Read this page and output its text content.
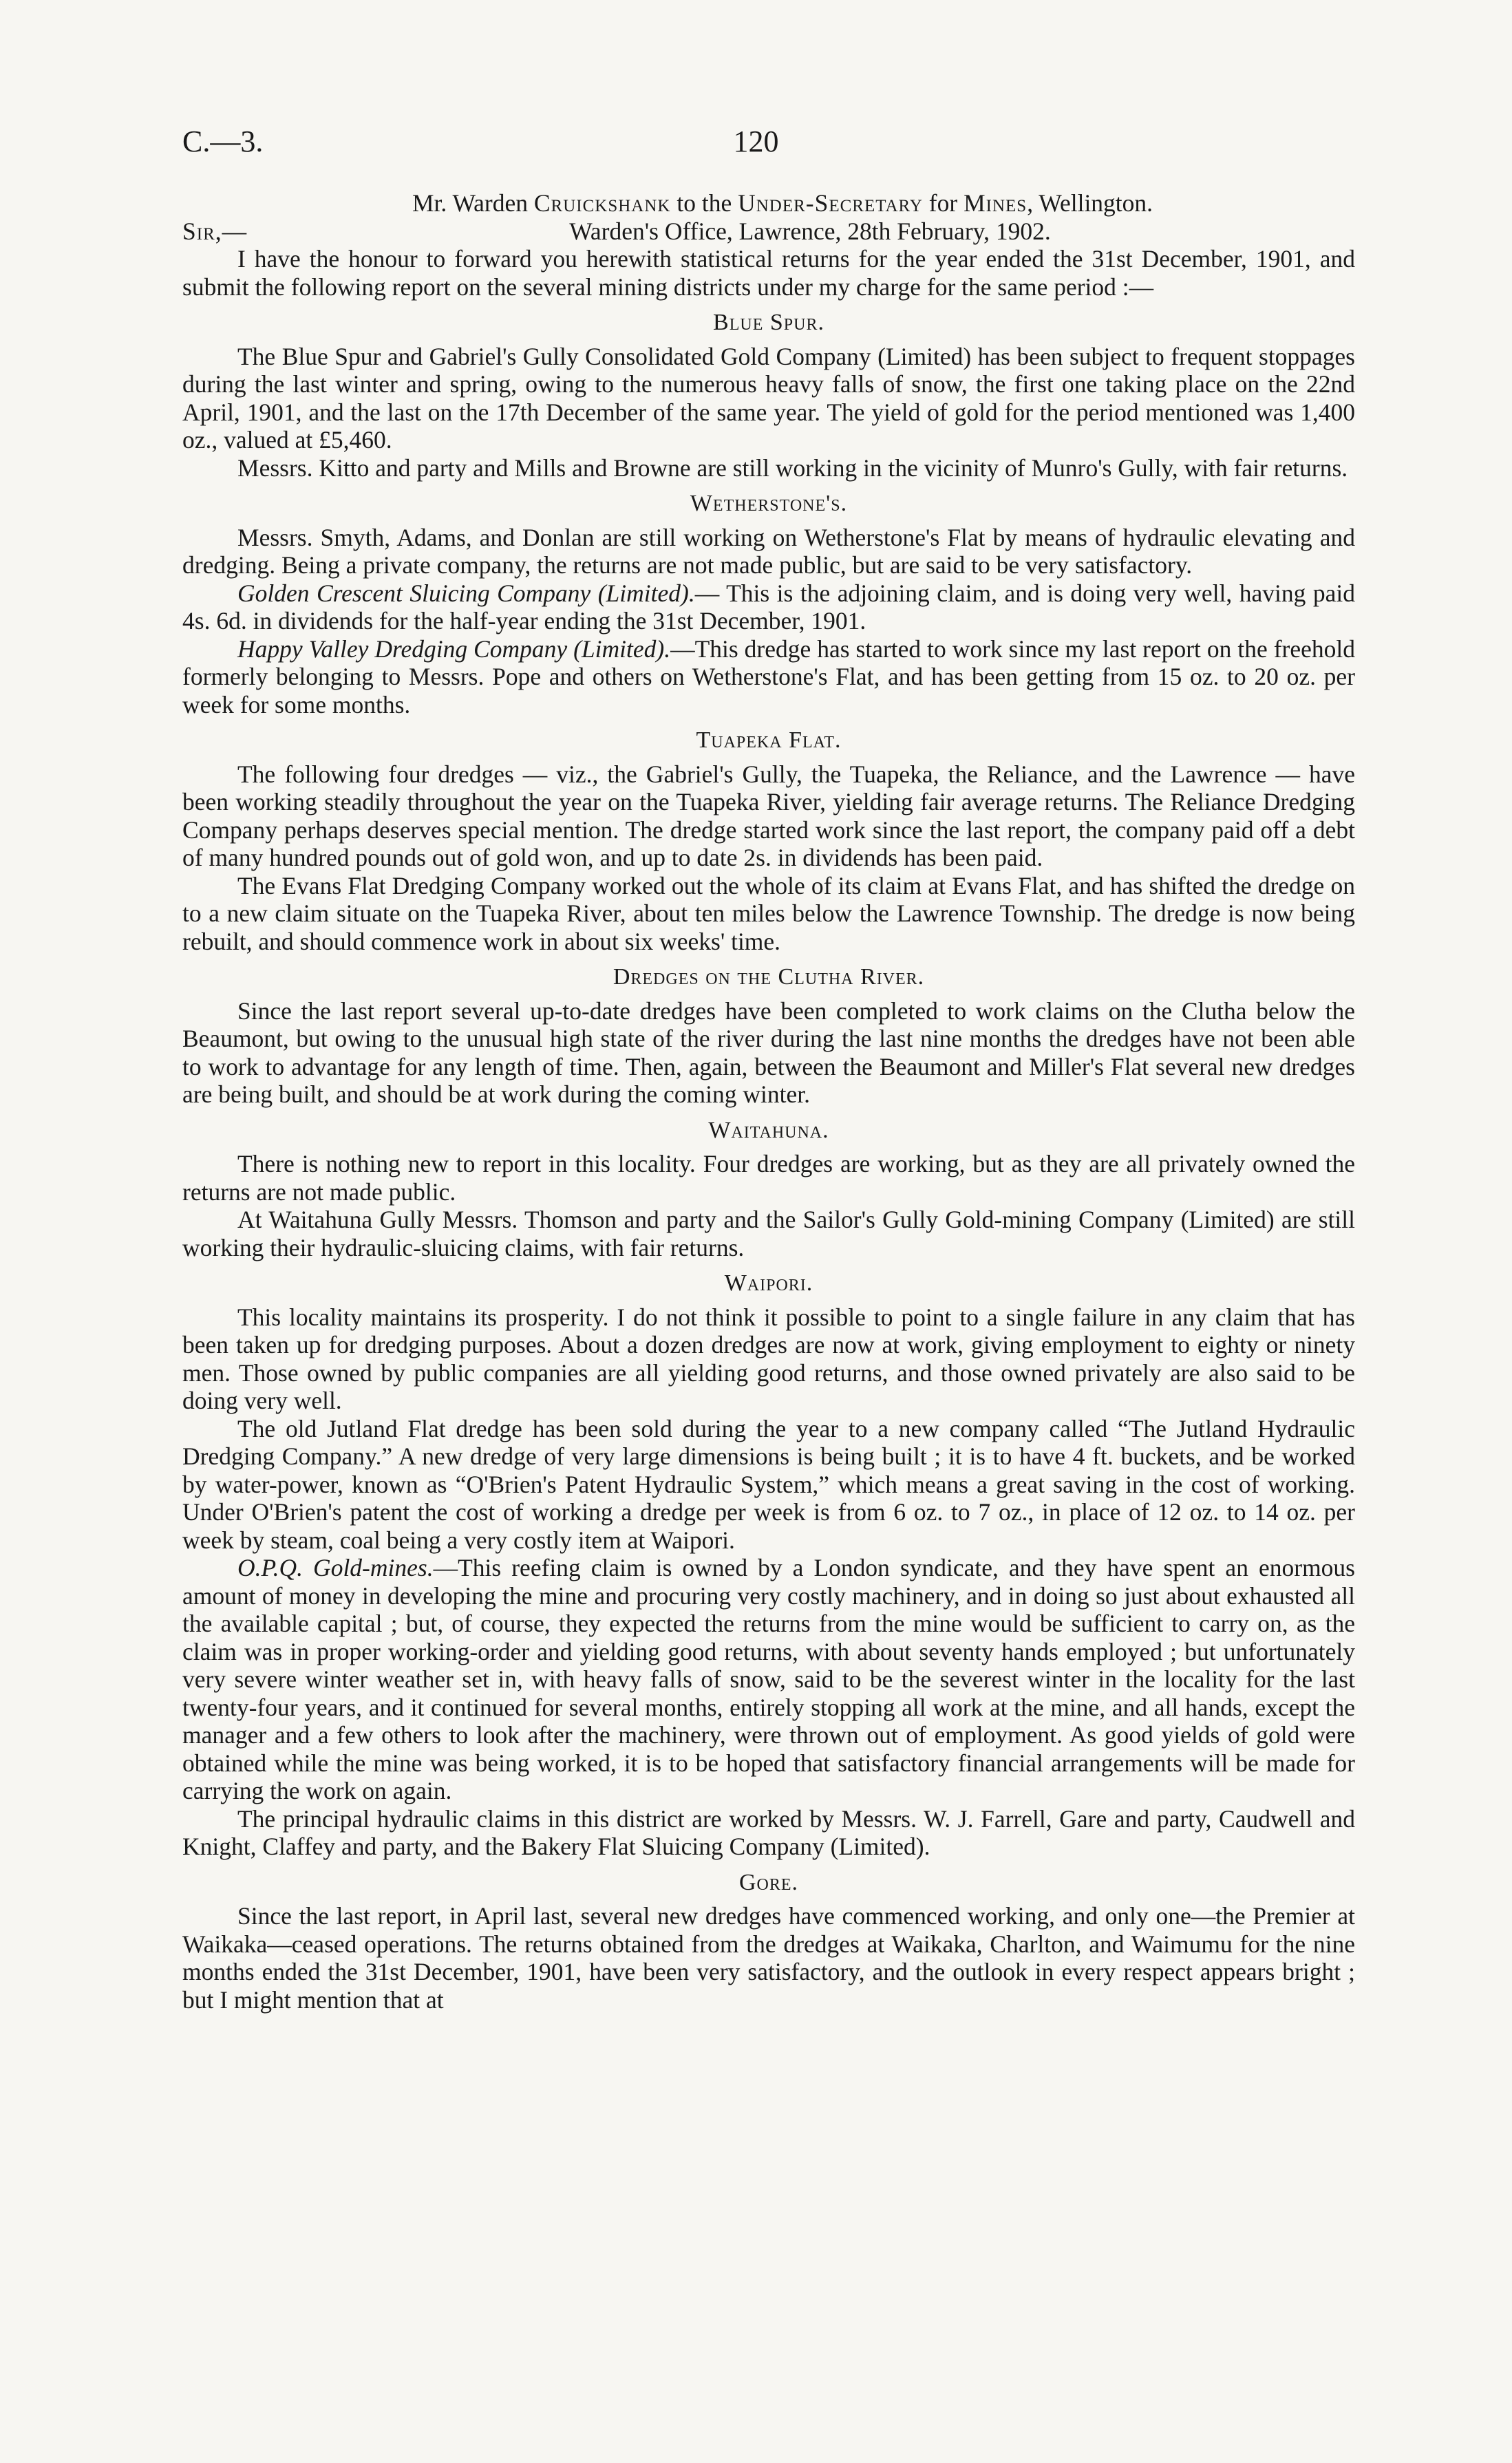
C.—3.	120

Mr. Warden Cruickshank to the Under-Secretary for Mines, Wellington.

Sir,—	Warden's Office, Lawrence, 28th February, 1902.

I have the honour to forward you herewith statistical returns for the year ended the 31st December, 1901, and submit the following report on the several mining districts under my charge for the same period :—

Blue Spur.

The Blue Spur and Gabriel's Gully Consolidated Gold Company (Limited) has been subject to frequent stoppages during the last winter and spring, owing to the numerous heavy falls of snow, the first one taking place on the 22nd April, 1901, and the last on the 17th December of the same year. The yield of gold for the period mentioned was 1,400 oz., valued at £5,460.

Messrs. Kitto and party and Mills and Browne are still working in the vicinity of Munro's Gully, with fair returns.

Wetherstone's.

Messrs. Smyth, Adams, and Donlan are still working on Wetherstone's Flat by means of hydraulic elevating and dredging. Being a private company, the returns are not made public, but are said to be very satisfactory.

Golden Crescent Sluicing Company (Limited).— This is the adjoining claim, and is doing very well, having paid 4s. 6d. in dividends for the half-year ending the 31st December, 1901.

Happy Valley Dredging Company (Limited).—This dredge has started to work since my last report on the freehold formerly belonging to Messrs. Pope and others on Wetherstone's Flat, and has been getting from 15 oz. to 20 oz. per week for some months.

Tuapeka Flat.

The following four dredges — viz., the Gabriel's Gully, the Tuapeka, the Reliance, and the Lawrence — have been working steadily throughout the year on the Tuapeka River, yielding fair average returns. The Reliance Dredging Company perhaps deserves special mention. The dredge started work since the last report, the company paid off a debt of many hundred pounds out of gold won, and up to date 2s. in dividends has been paid.

The Evans Flat Dredging Company worked out the whole of its claim at Evans Flat, and has shifted the dredge on to a new claim situate on the Tuapeka River, about ten miles below the Lawrence Township. The dredge is now being rebuilt, and should commence work in about six weeks' time.

Dredges on the Clutha River.

Since the last report several up-to-date dredges have been completed to work claims on the Clutha below the Beaumont, but owing to the unusual high state of the river during the last nine months the dredges have not been able to work to advantage for any length of time. Then, again, between the Beaumont and Miller's Flat several new dredges are being built, and should be at work during the coming winter.

Waitahuna.

There is nothing new to report in this locality. Four dredges are working, but as they are all privately owned the returns are not made public.

At Waitahuna Gully Messrs. Thomson and party and the Sailor's Gully Gold-mining Company (Limited) are still working their hydraulic-sluicing claims, with fair returns.

Waipori.

This locality maintains its prosperity. I do not think it possible to point to a single failure in any claim that has been taken up for dredging purposes. About a dozen dredges are now at work, giving employment to eighty or ninety men. Those owned by public companies are all yielding good returns, and those owned privately are also said to be doing very well.

The old Jutland Flat dredge has been sold during the year to a new company called “The Jutland Hydraulic Dredging Company.” A new dredge of very large dimensions is being built ; it is to have 4 ft. buckets, and be worked by water-power, known as “O'Brien's Patent Hydraulic System,” which means a great saving in the cost of working. Under O'Brien's patent the cost of working a dredge per week is from 6 oz. to 7 oz., in place of 12 oz. to 14 oz. per week by steam, coal being a very costly item at Waipori.

O.P.Q. Gold-mines.—This reefing claim is owned by a London syndicate, and they have spent an enormous amount of money in developing the mine and procuring very costly machinery, and in doing so just about exhausted all the available capital ; but, of course, they expected the returns from the mine would be sufficient to carry on, as the claim was in proper working-order and yielding good returns, with about seventy hands employed ; but unfortunately very severe winter weather set in, with heavy falls of snow, said to be the severest winter in the locality for the last twenty-four years, and it continued for several months, entirely stopping all work at the mine, and all hands, except the manager and a few others to look after the machinery, were thrown out of employment. As good yields of gold were obtained while the mine was being worked, it is to be hoped that satisfactory financial arrangements will be made for carrying the work on again.

The principal hydraulic claims in this district are worked by Messrs. W. J. Farrell, Gare and party, Caudwell and Knight, Claffey and party, and the Bakery Flat Sluicing Company (Limited).

Gore.

Since the last report, in April last, several new dredges have commenced working, and only one—the Premier at Waikaka—ceased operations. The returns obtained from the dredges at Waikaka, Charlton, and Waimumu for the nine months ended the 31st December, 1901, have been very satisfactory, and the outlook in every respect appears bright ; but I might mention that at
